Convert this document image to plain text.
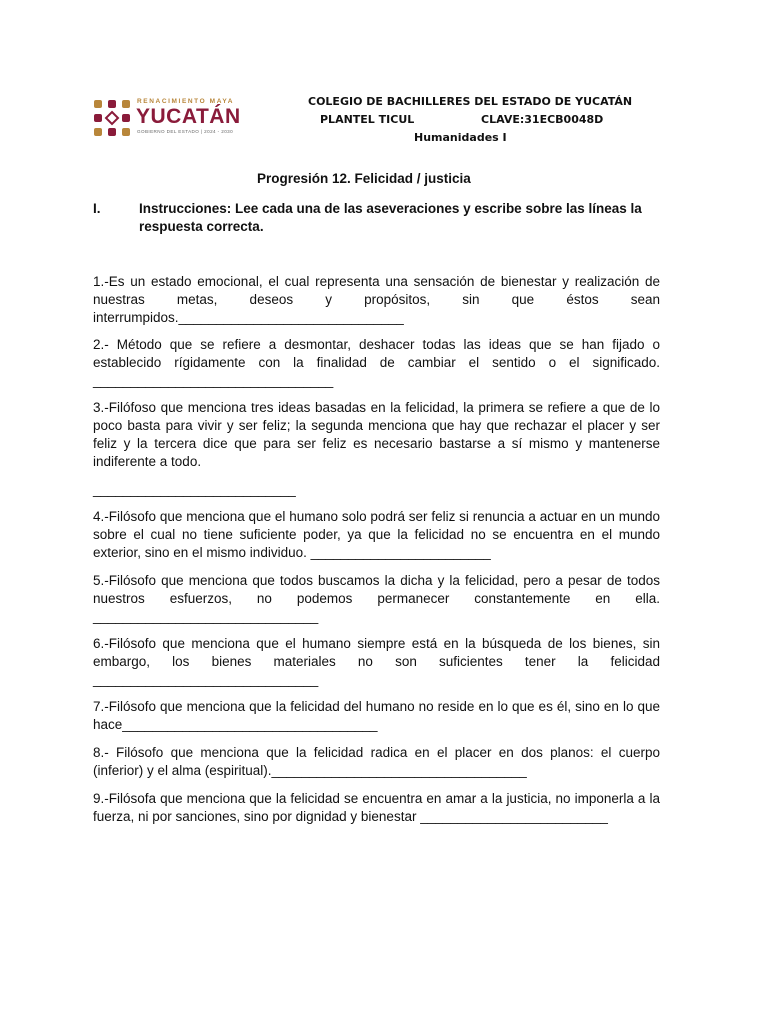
RENACIMIENTO MAYA
YUCATÁN
GOBIERNO DEL ESTADO | 2024 - 2030
COLEGIO DE BACHILLERES DEL ESTADO DE YUCATÁN
PLANTEL TICUL	CLAVE:31ECB0048D
Humanidades I
Progresión 12. Felicidad / justicia
I.	Instrucciones: Lee cada una de las aseveraciones y escribe sobre las líneas la respuesta correcta.

1.-Es un estado emocional, el cual representa una sensación de bienestar y realización de nuestras metas, deseos y propósitos, sin que éstos sean interrumpidos.______________________________

2.- Método que se refiere a desmontar, deshacer todas las ideas que se han fijado o establecido rígidamente con la finalidad de cambiar el sentido o el significado. ________________________________

3.-Filófoso que menciona tres ideas basadas en la felicidad, la primera se refiere a que de lo poco basta para vivir y ser feliz; la segunda menciona que hay que rechazar el placer y ser feliz y la tercera dice que para ser feliz es necesario bastarse a sí mismo y mantenerse indiferente a todo.

___________________________

4.-Filósofo que menciona que el humano solo podrá ser feliz si renuncia a actuar en un mundo sobre el cual no tiene suficiente poder, ya que la felicidad no se encuentra en el mundo exterior, sino en el mismo individuo. ________________________

5.-Filósofo que menciona que todos buscamos la dicha y la felicidad, pero a pesar de todos nuestros esfuerzos, no podemos permanecer constantemente en ella. ______________________________

6.-Filósofo que menciona que el humano siempre está en la búsqueda de los bienes, sin embargo, los bienes materiales no son suficientes tener la felicidad ______________________________

7.-Filósofo que menciona que la felicidad del humano no reside en lo que es él, sino en lo que hace__________________________________

8.- Filósofo que menciona que la felicidad radica en el placer en dos planos: el cuerpo (inferior) y el alma (espiritual).__________________________________

9.-Filósofa que menciona que la felicidad se encuentra en amar a la justicia, no imponerla a la fuerza, ni por sanciones, sino por dignidad y bienestar _________________________
